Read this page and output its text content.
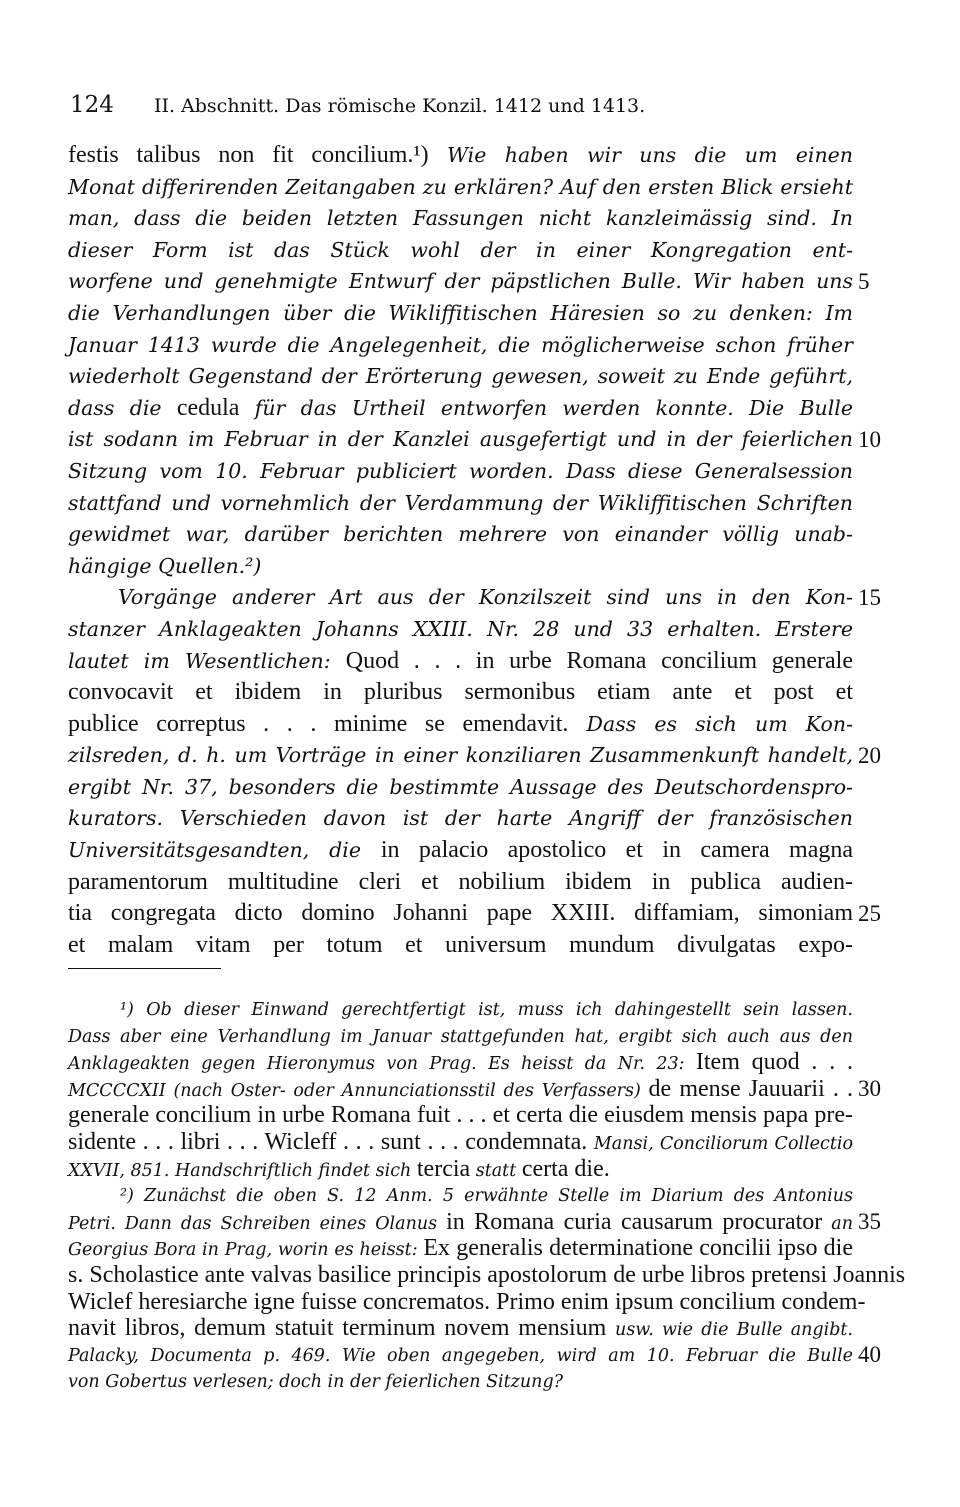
124 II. Abschnitt. Das römische Konzil. 1412 und 1413.
festis talibus non fit concilium.¹) Wie haben wir uns die um einen
Monat differirenden Zeitangaben zu erklären? Auf den ersten Blick ersieht
man, dass die beiden letzten Fassungen nicht kanzleimässig sind. In
dieser Form ist das Stück wohl der in einer Kongregation ent-
worfene und genehmigte Entwurf der päpstlichen Bulle. Wir haben uns
die Verhandlungen über die Wikliffitischen Häresien so zu denken: Im
Januar 1413 wurde die Angelegenheit, die möglicherweise schon früher
wiederholt Gegenstand der Erörterung gewesen, soweit zu Ende geführt,
dass die cedula für das Urtheil entworfen werden konnte. Die Bulle
ist sodann im Februar in der Kanzlei ausgefertigt und in der feierlichen
Sitzung vom 10. Februar publiciert worden. Dass diese Generalsession
stattfand und vornehmlich der Verdammung der Wikliffitischen Schriften
gewidmet war, darüber berichten mehrere von einander völlig unab-
hängige Quellen.²)
Vorgänge anderer Art aus der Konzilszeit sind uns in den Kon-
stanzer Anklageakten Johanns XXIII. Nr. 28 und 33 erhalten. Erstere
lautet im Wesentlichen: Quod . . . in urbe Romana concilium generale
convocavit et ibidem in pluribus sermonibus etiam ante et post et
publice correptus . . . minime se emendavit. Dass es sich um Kon-
zilsreden, d. h. um Vorträge in einer konziliaren Zusammenkunft handelt,
ergibt Nr. 37, besonders die bestimmte Aussage des Deutschordenspro-
kurators. Verschieden davon ist der harte Angriff der französischen
Universitätsgesandten, die in palacio apostolico et in camera magna
paramentorum multitudine cleri et nobilium ibidem in publica audien-
tia congregata dicto domino Johanni pape XXIII. diffamiam, simoniam
et malam vitam per totum et universum mundum divulgatas expo-
5
10
15
20
25
¹) Ob dieser Einwand gerechtfertigt ist, muss ich dahingestellt sein lassen.
Dass aber eine Verhandlung im Januar stattgefunden hat, ergibt sich auch aus den
Anklageakten gegen Hieronymus von Prag. Es heisst da Nr. 23: Item quod . . .
MCCCCXII (nach Oster- oder Annunciationsstil des Verfassers) de mense Jauuarii . .
generale concilium in urbe Romana fuit . . . et certa die eiusdem mensis papa pre-
sidente . . . libri . . . Wicleff . . . sunt . . . condemnata. Mansi, Conciliorum Collectio
XXVII, 851. Handschriftlich findet sich tercia statt certa die.
²) Zunächst die oben S. 12 Anm. 5 erwähnte Stelle im Diarium des Antonius
Petri. Dann das Schreiben eines Olanus in Romana curia causarum procurator an
Georgius Bora in Prag, worin es heisst: Ex generalis determinatione concilii ipso die
s. Scholastice ante valvas basilice principis apostolorum de urbe libros pretensi Joannis
Wiclef heresiarche igne fuisse concrematos. Primo enim ipsum concilium condem-
navit libros, demum statuit terminum novem mensium usw. wie die Bulle angibt.
Palacky, Documenta p. 469. Wie oben angegeben, wird am 10. Februar die Bulle
von Gobertus verlesen; doch in der feierlichen Sitzung?
30
35
40
